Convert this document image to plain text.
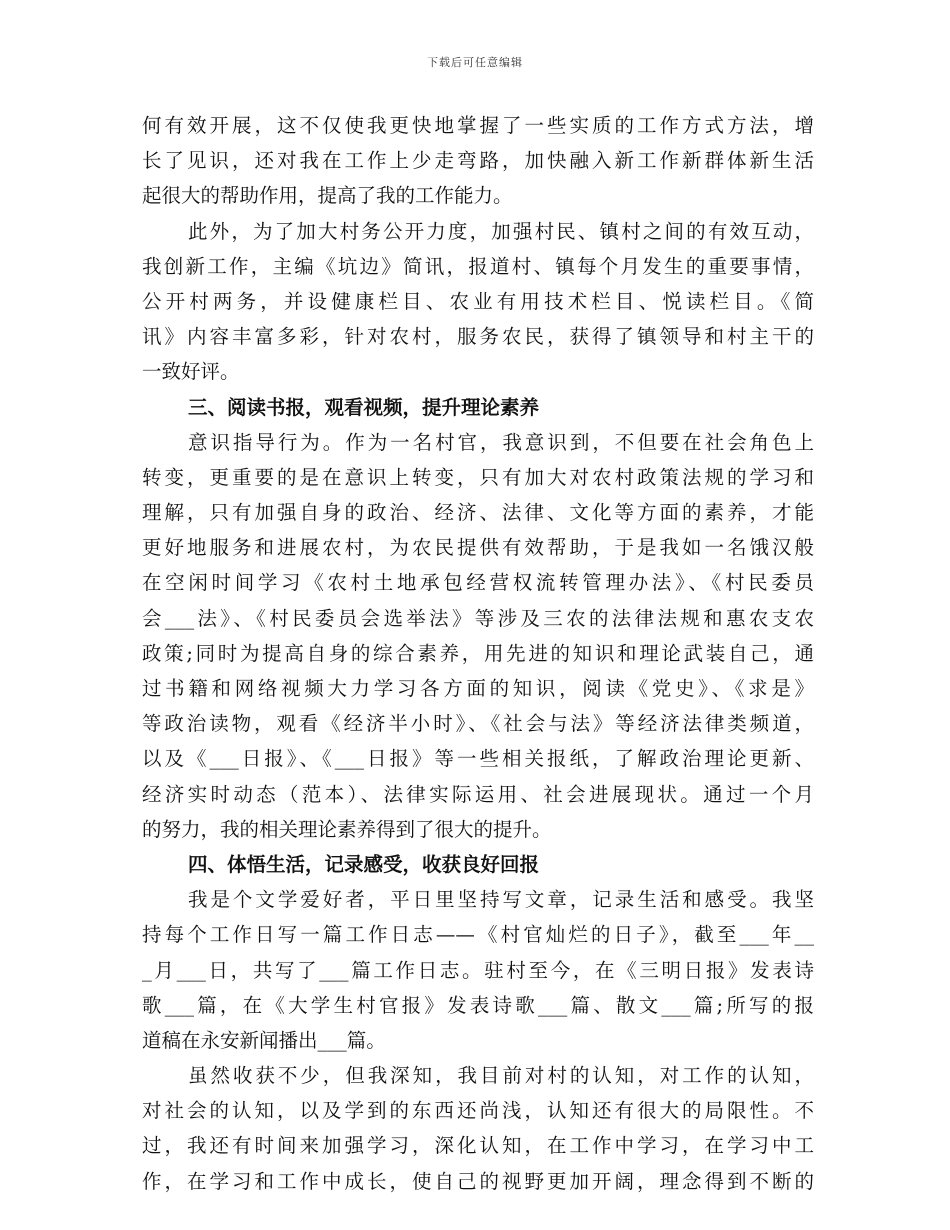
下载后可任意编辑
何有效开展，这不仅使我更快地掌握了一些实质的工作方式方法，增
长了见识，还对我在工作上少走弯路，加快融入新工作新群体新生活
起很大的帮助作用，提高了我的工作能力。
此外，为了加大村务公开力度，加强村民、镇村之间的有效互动，
我创新工作，主编《坑边》简讯，报道村、镇每个月发生的重要事情，
公开村两务，并设健康栏目、农业有用技术栏目、悦读栏目。《简
讯》内容丰富多彩，针对农村，服务农民，获得了镇领导和村主干的
一致好评。
三、阅读书报，观看视频，提升理论素养
意识指导行为。作为一名村官，我意识到，不但要在社会角色上
转变，更重要的是在意识上转变，只有加大对农村政策法规的学习和
理解，只有加强自身的政治、经济、法律、文化等方面的素养，才能
更好地服务和进展农村，为农民提供有效帮助，于是我如一名饿汉般
在空闲时间学习《农村土地承包经营权流转管理办法》、《村民委员
会___法》、《村民委员会选举法》等涉及三农的法律法规和惠农支农
政策;同时为提高自身的综合素养，用先进的知识和理论武装自己，通
过书籍和网络视频大力学习各方面的知识，阅读《党史》、《求是》
等政治读物，观看《经济半小时》、《社会与法》等经济法律类频道，
以及《___日报》、《___日报》等一些相关报纸，了解政治理论更新、
经济实时动态（范本）、法律实际运用、社会进展现状。通过一个月
的努力，我的相关理论素养得到了很大的提升。
四、体悟生活，记录感受，收获良好回报
我是个文学爱好者，平日里坚持写文章，记录生活和感受。我坚
持每个工作日写一篇工作日志——《村官灿烂的日子》，截至___年__
_月___日，共写了___篇工作日志。驻村至今，在《三明日报》发表诗
歌___篇，在《大学生村官报》发表诗歌___篇、散文___篇;所写的报
道稿在永安新闻播出___篇。
虽然收获不少，但我深知，我目前对村的认知，对工作的认知，
对社会的认知，以及学到的东西还尚浅，认知还有很大的局限性。不
过，我还有时间来加强学习，深化认知，在工作中学习，在学习中工
作，在学习和工作中成长，使自己的视野更加开阔，理念得到不断的
